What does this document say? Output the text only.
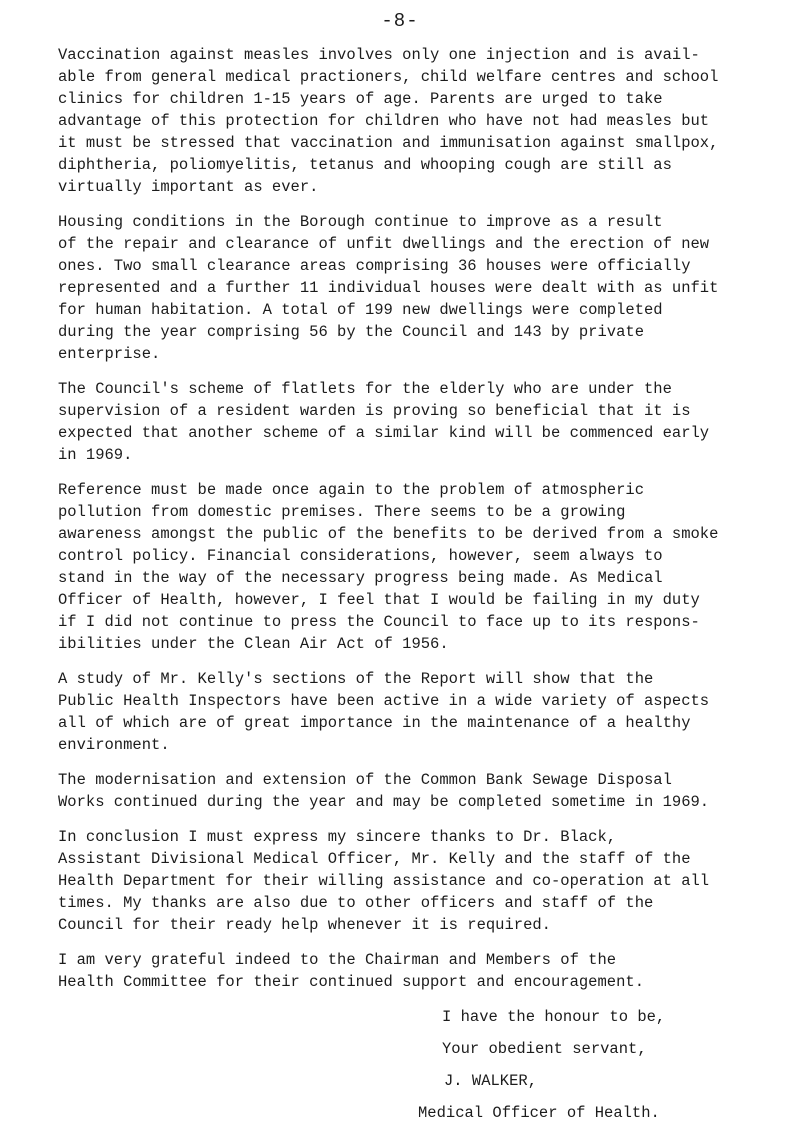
-8-

Vaccination against measles involves only one injection and is avail-
able from general medical practioners, child welfare centres and school
clinics for children 1-15 years of age. Parents are urged to take
advantage of this protection for children who have not had measles but
it must be stressed that vaccination and immunisation against smallpox,
diphtheria, poliomyelitis, tetanus and whooping cough are still as
virtually important as ever.

Housing conditions in the Borough continue to improve as a result
of the repair and clearance of unfit dwellings and the erection of new
ones. Two small clearance areas comprising 36 houses were officially
represented and a further 11 individual houses were dealt with as unfit
for human habitation. A total of 199 new dwellings were completed
during the year comprising 56 by the Council and 143 by private
enterprise.

The Council's scheme of flatlets for the elderly who are under the
supervision of a resident warden is proving so beneficial that it is
expected that another scheme of a similar kind will be commenced early
in 1969.

Reference must be made once again to the problem of atmospheric
pollution from domestic premises. There seems to be a growing
awareness amongst the public of the benefits to be derived from a smoke
control policy. Financial considerations, however, seem always to
stand in the way of the necessary progress being made. As Medical
Officer of Health, however, I feel that I would be failing in my duty
if I did not continue to press the Council to face up to its respons-
ibilities under the Clean Air Act of 1956.

A study of Mr. Kelly's sections of the Report will show that the
Public Health Inspectors have been active in a wide variety of aspects
all of which are of great importance in the maintenance of a healthy
environment.

The modernisation and extension of the Common Bank Sewage Disposal
Works continued during the year and may be completed sometime in 1969.

In conclusion I must express my sincere thanks to Dr. Black,
Assistant Divisional Medical Officer, Mr. Kelly and the staff of the
Health Department for their willing assistance and co-operation at all
times. My thanks are also due to other officers and staff of the
Council for their ready help whenever it is required.

I am very grateful indeed to the Chairman and Members of the
Health Committee for their continued support and encouragement.

I have the honour to be,
Your obedient servant,
J. WALKER,
Medical Officer of Health.
